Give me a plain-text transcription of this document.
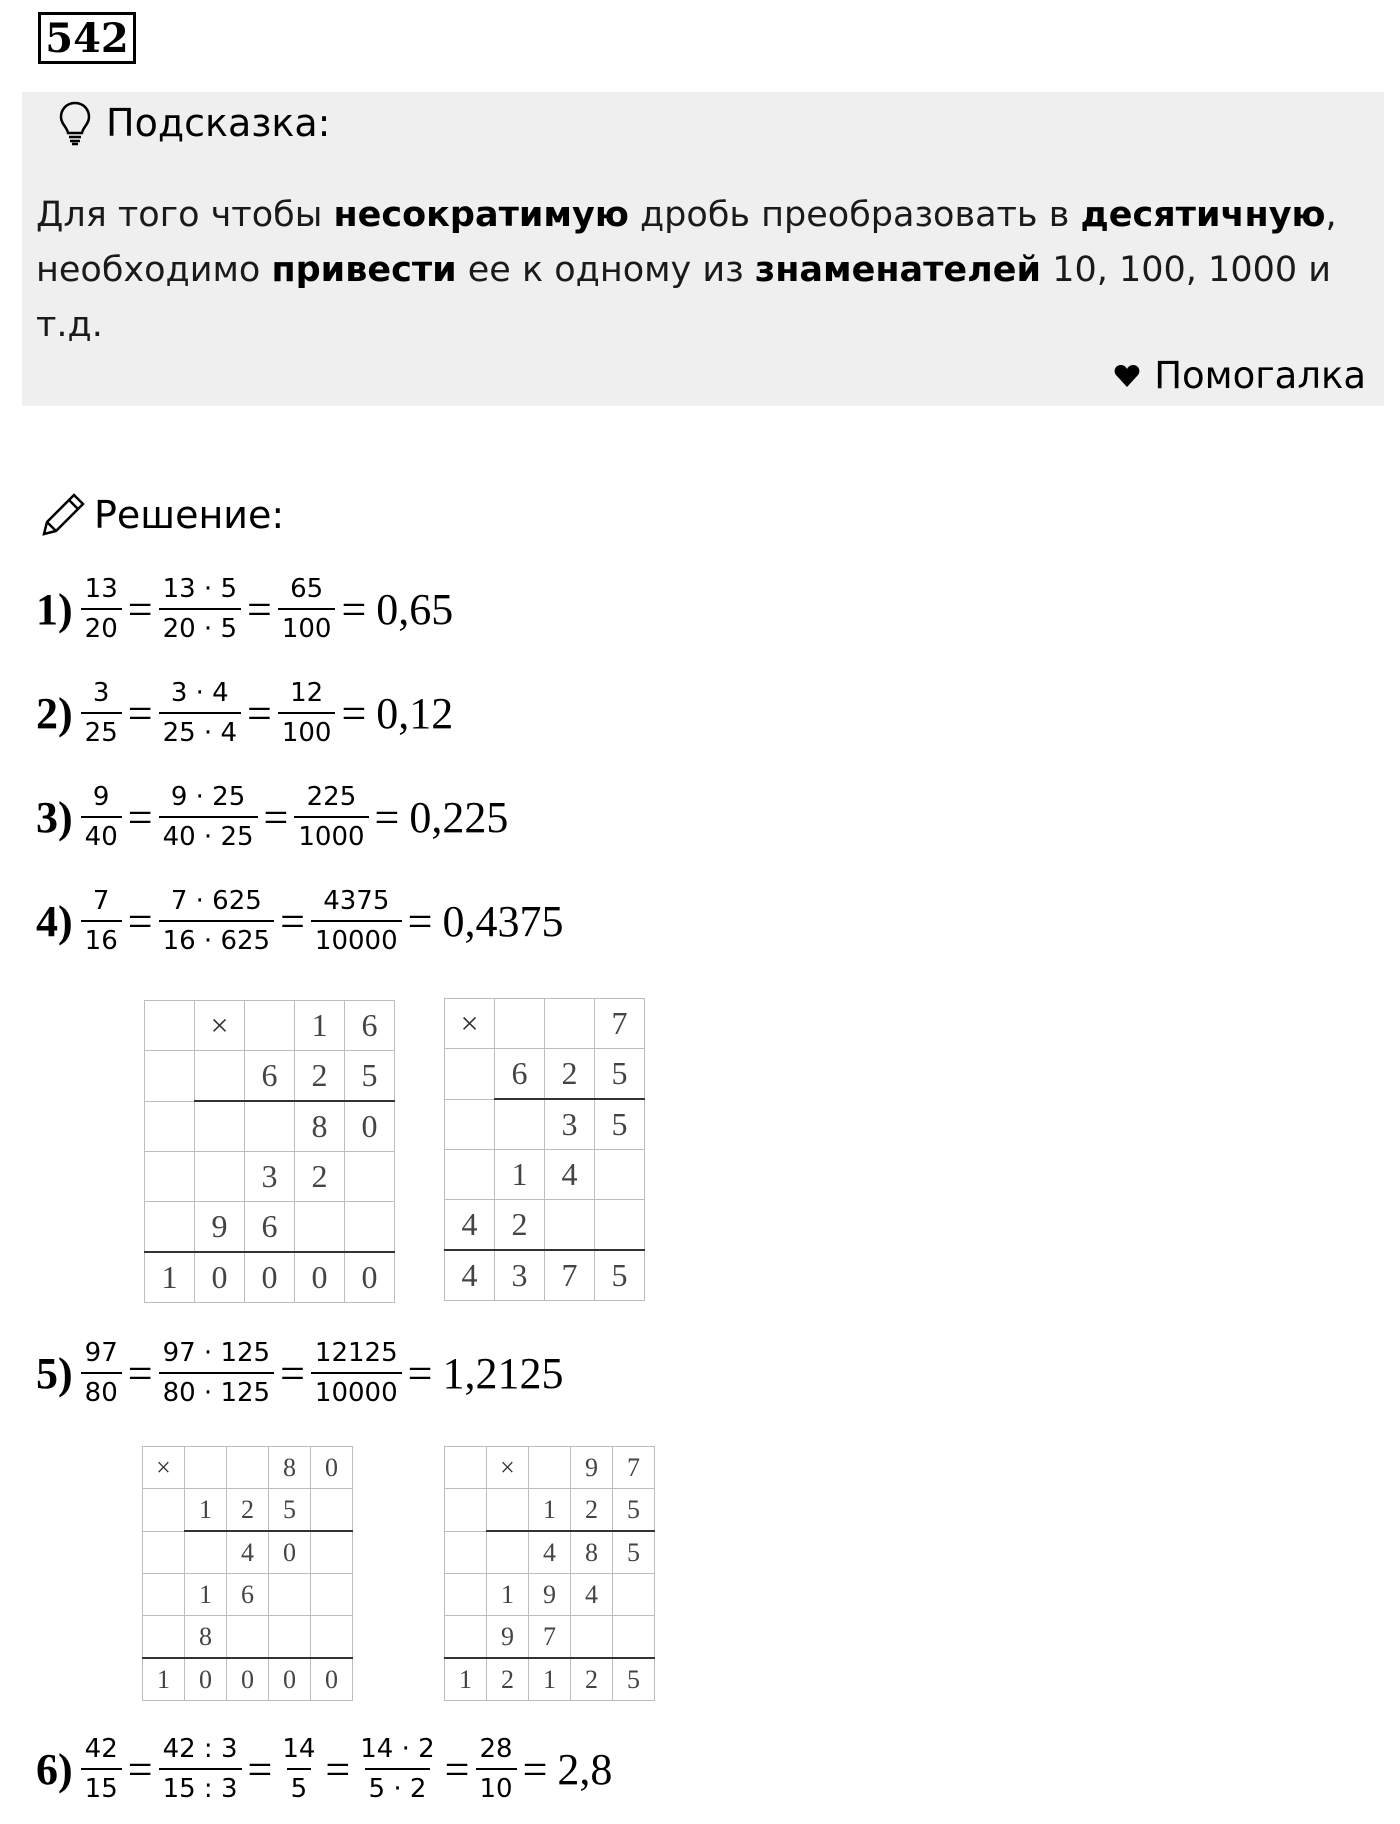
542
Подсказка:
Для того чтобы несократимую дробь преобразовать в десятичную, необходимо привести ее к одному из знаменателей 10, 100, 1000 и т.д.
Помогалка
Решение:
$1) \frac{13}{20} = \frac{13 \cdot 5}{20 \cdot 5} = \frac{65}{100} = 0,65$
$2) \frac{3}{25} = \frac{3 \cdot 4}{25 \cdot 4} = \frac{12}{100} = 0,12$
$3) \frac{9}{40} = \frac{9 \cdot 25}{40 \cdot 25} = \frac{225}{1000} = 0,225$
$4) \frac{7}{16} = \frac{7 \cdot 625}{16 \cdot 625} = \frac{4375}{10000} = 0,4375$
	×		1	6
		6	2	5
			8	0
		3	2	
	9	6		
1	0	0	0	0
×			7
	6	2	5
		3	5
	1	4	
4	2		
4	3	7	5
$5) \frac{97}{80} = \frac{97 \cdot 125}{80 \cdot 125} = \frac{12125}{10000} = 1,2125$
×			8	0
	1	2	5	
		4	0	
	1	6		
	8			
1	0	0	0	0
	×		9	7
		1	2	5
		4	8	5
	1	9	4	
	9	7		
1	2	1	2	5
$6) \frac{42}{15} = \frac{42 : 3}{15 : 3} = \frac{14}{5} = \frac{14 \cdot 2}{5 \cdot 2} = \frac{28}{10} = 2,8$
